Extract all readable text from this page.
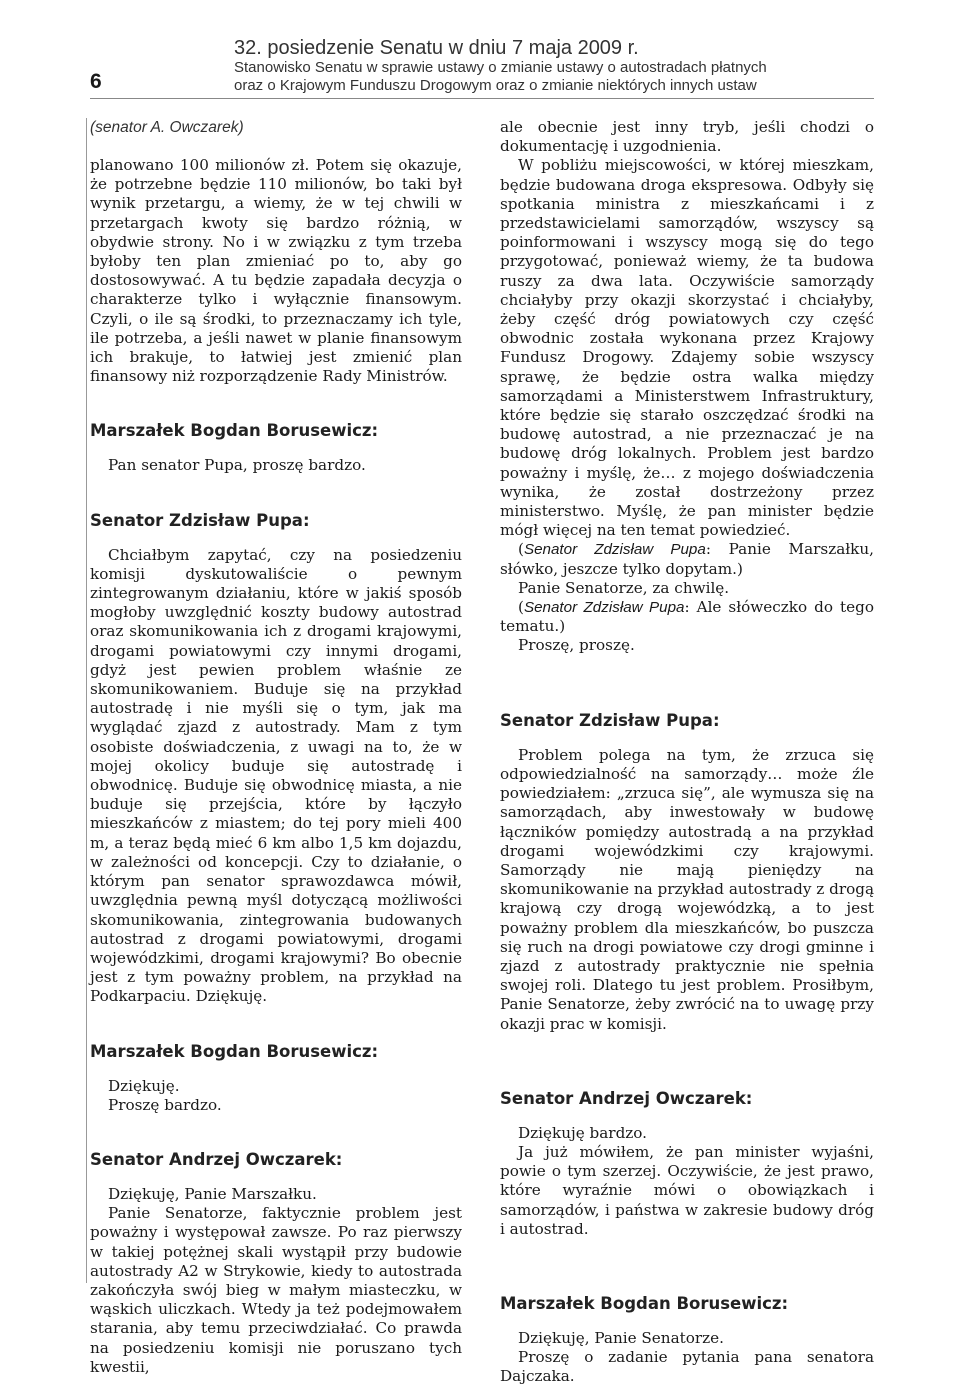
6
32. posiedzenie Senatu w dniu 7 maja 2009 r.
Stanowisko Senatu w sprawie ustawy o zmianie ustawy o autostradach płatnych
oraz o Krajowym Funduszu Drogowym oraz o zmianie niektórych innych ustaw

(senator A. Owczarek)

planowano 100 milionów zł. Potem się okazuje, że potrzebne będzie 110 milionów, bo taki był wynik przetargu, a wiemy, że w tej chwili w przetargach kwoty się bardzo różnią, w obydwie strony. No i w związku z tym trzeba byłoby ten plan zmieniać po to, aby go dostosowywać. A tu będzie zapadała decyzja o charakterze tylko i wyłącznie finansowym. Czyli, o ile są środki, to przeznaczamy ich tyle, ile potrzeba, a jeśli nawet w planie finansowym ich brakuje, to łatwiej jest zmienić plan finansowy niż rozporządzenie Rady Ministrów.

Marszałek Bogdan Borusewicz:

Pan senator Pupa, proszę bardzo.

Senator Zdzisław Pupa:

Chciałbym zapytać, czy na posiedzeniu komisji dyskutowaliście o pewnym zintegrowanym działaniu, które w jakiś sposób mogłoby uwzględnić koszty budowy autostrad oraz skomunikowania ich z drogami krajowymi, drogami powiatowymi czy innymi drogami, gdyż jest pewien problem właśnie ze skomunikowaniem. Buduje się na przykład autostradę i nie myśli się o tym, jak ma wyglądać zjazd z autostrady. Mam z tym osobiste doświadczenia, z uwagi na to, że w mojej okolicy buduje się autostradę i obwodnicę. Buduje się obwodnicę miasta, a nie buduje się przejścia, które by łączyło mieszkańców z miastem; do tej pory mieli 400 m, a teraz będą mieć 6 km albo 1,5 km dojazdu, w zależności od koncepcji. Czy to działanie, o którym pan senator sprawozdawca mówił, uwzględnia pewną myśl dotyczącą możliwości skomunikowania, zintegrowania budowanych autostrad z drogami powiatowymi, drogami wojewódzkimi, drogami krajowymi? Bo obecnie jest z tym poważny problem, na przykład na Podkarpaciu. Dziękuję.

Marszałek Bogdan Borusewicz:

Dziękuję.

Proszę bardzo.

Senator Andrzej Owczarek:

Dziękuję, Panie Marszałku.

Panie Senatorze, faktycznie problem jest poważny i występował zawsze. Po raz pierwszy w takiej potężnej skali wystąpił przy budowie autostrady A2 w Strykowie, kiedy to autostrada zakończyła swój bieg w małym miasteczku, w wąskich uliczkach. Wtedy ja też podejmowałem starania, aby temu przeciwdziałać. Co prawda na posiedzeniu komisji nie poruszano tych kwestii,

ale obecnie jest inny tryb, jeśli chodzi o dokumentację i uzgodnienia.

W pobliżu miejscowości, w której mieszkam, będzie budowana droga ekspresowa. Odbyły się spotkania ministra z mieszkańcami i z przedstawicielami samorządów, wszyscy są poinformowani i wszyscy mogą się do tego przygotować, ponieważ wiemy, że ta budowa ruszy za dwa lata. Oczywiście samorządy chciałyby przy okazji skorzystać i chciałyby, żeby część dróg powiatowych czy część obwodnic została wykonana przez Krajowy Fundusz Drogowy. Zdajemy sobie wszyscy sprawę, że będzie ostra walka między samorządami a Ministerstwem Infrastruktury, które będzie się starało oszczędzać środki na budowę autostrad, a nie przeznaczać je na budowę dróg lokalnych. Problem jest bardzo poważny i myślę, że… z mojego doświadczenia wynika, że został dostrzeżony przez ministerstwo. Myślę, że pan minister będzie mógł więcej na ten temat powiedzieć.

(Senator Zdzisław Pupa: Panie Marszałku, słówko, jeszcze tylko dopytam.)

Panie Senatorze, za chwilę.

(Senator Zdzisław Pupa: Ale słóweczko do tego tematu.)

Proszę, proszę.

Senator Zdzisław Pupa:

Problem polega na tym, że zrzuca się odpowiedzialność na samorządy… może źle powiedziałem: „zrzuca się”, ale wymusza się na samorządach, aby inwestowały w budowę łączników pomiędzy autostradą a na przykład drogami wojewódzkimi czy krajowymi. Samorządy nie mają pieniędzy na skomunikowanie na przykład autostrady z drogą krajową czy drogą wojewódzką, a to jest poważny problem dla mieszkańców, bo puszcza się ruch na drogi powiatowe czy drogi gminne i zjazd z autostrady praktycznie nie spełnia swojej roli. Dlatego tu jest problem. Prosiłbym, Panie Senatorze, żeby zwrócić na to uwagę przy okazji prac w komisji.

Senator Andrzej Owczarek:

Dziękuję bardzo.

Ja już mówiłem, że pan minister wyjaśni, powie o tym szerzej. Oczywiście, że jest prawo, które wyraźnie mówi o obowiązkach i samorządów, i państwa w zakresie budowy dróg i autostrad.

Marszałek Bogdan Borusewicz:

Dziękuję, Panie Senatorze.

Proszę o zadanie pytania pana senatora Dajczaka.
